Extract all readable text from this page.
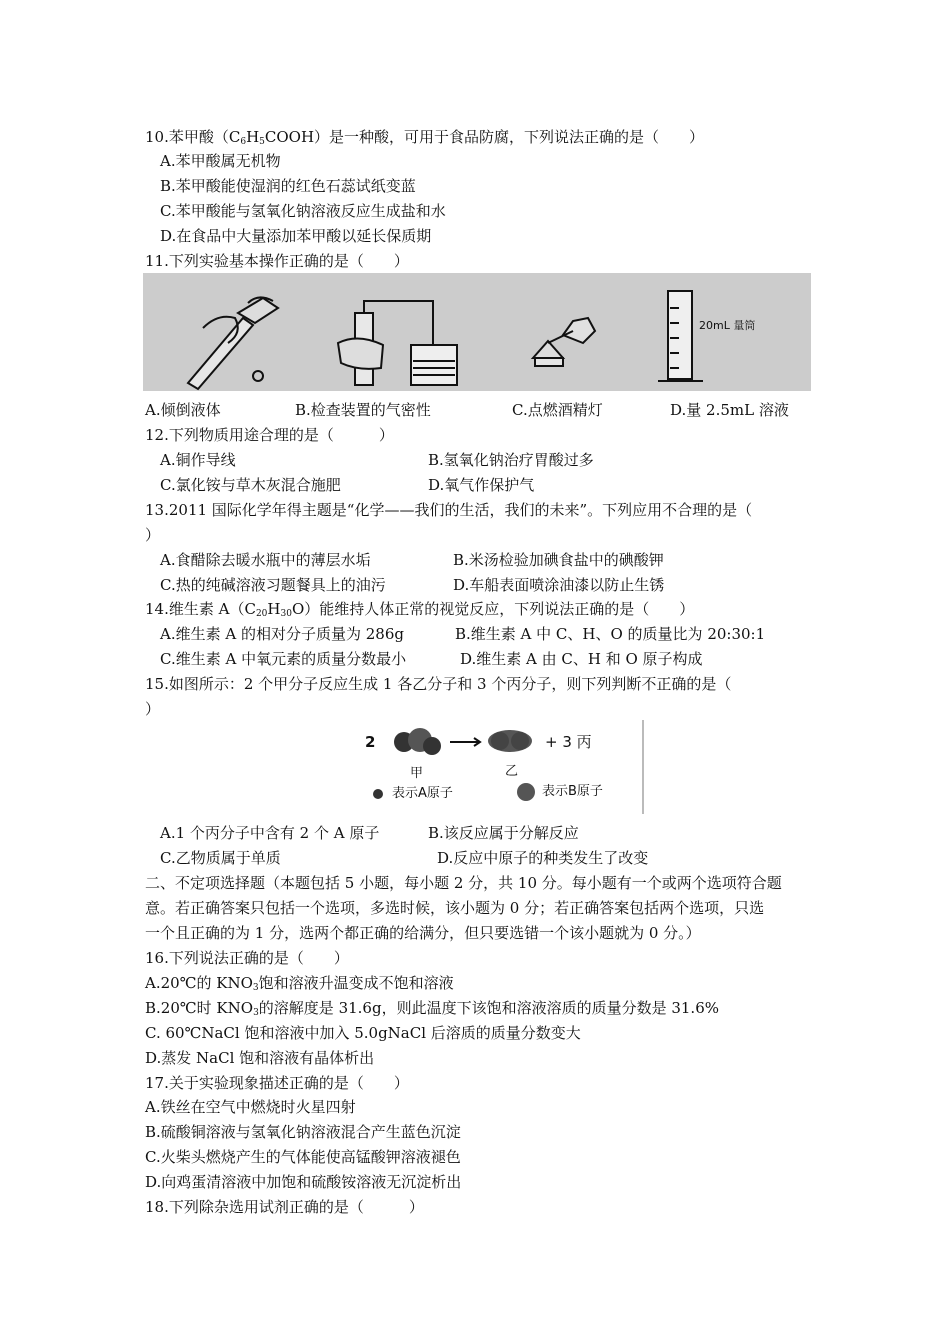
10.苯甲酸$(C_6H_5COOH)$是一种酸，可用于食品防腐，下列说法正确的是（　　）
A.苯甲酸属无机物
B.苯甲酸能使湿润的红色石蕊试纸变蓝
C.苯甲酸能与氢氧化钠溶液反应生成盐和水
D.在食品中大量添加苯甲酸以延长保质期
11.下列实验基本操作正确的是（　　）
20mL 量筒
A.倾倒液体	B.检查装置的气密性	C.点燃酒精灯	D.量 2.5mL 溶液
12.下列物质用途合理的是（　　　）
A.铜作导线	B.氢氧化钠治疗胃酸过多
C.氯化铵与草木灰混合施肥	D.氧气作保护气
13.2011 国际化学年得主题是“化学——我们的生活，我们的未来”。下列应用不合理的是（
）
A.食醋除去暖水瓶中的薄层水垢	B.米汤检验加碘食盐中的碘酸钾
C.热的纯碱溶液习题餐具上的油污	D.车船表面喷涂油漆以防止生锈
14.维生素 $A(C_{20}H_{30}O)$能维持人体正常的视觉反应，下列说法正确的是（　　）
A.维生素 A 的相对分子质量为 286g	B.维生素 A 中 C、H、O 的质量比为 20:30:1
C.维生素 A 中氧元素的质量分数最小	D.维生素 A 由 C、H 和 O 原子构成
15.如图所示：2 个甲分子反应生成 1 各乙分子和 3 个丙分子，则下列判断不正确的是（
）
2	+ 3 丙
甲	乙
表示A原子	表示B原子
A.1 个丙分子中含有 2 个 A 原子	B.该反应属于分解反应
C.乙物质属于单质	D.反应中原子的种类发生了改变
二、不定项选择题（本题包括 5 小题，每小题 2 分，共 10 分。每小题有一个或两个选项符合题
意。若正确答案只包括一个选项，多选时候，该小题为 0 分；若正确答案包括两个选项，只选
一个且正确的为 1 分，选两个都正确的给满分，但只要选错一个该小题就为 0 分。）
16.下列说法正确的是（　　）
A.20℃的 $KNO_3$饱和溶液升温变成不饱和溶液
B.20℃时 $KNO_3$的溶解度是 31.6g，则此温度下该饱和溶液溶质的质量分数是 31.6%
C. 60℃NaCl 饱和溶液中加入 5.0gNaCl 后溶质的质量分数变大
D.蒸发 NaCl 饱和溶液有晶体析出
17.关于实验现象描述正确的是（　　）
A.铁丝在空气中燃烧时火星四射
B.硫酸铜溶液与氢氧化钠溶液混合产生蓝色沉淀
C.火柴头燃烧产生的气体能使高锰酸钾溶液褪色
D.向鸡蛋清溶液中加饱和硫酸铵溶液无沉淀析出
18.下列除杂选用试剂正确的是（　　　）
